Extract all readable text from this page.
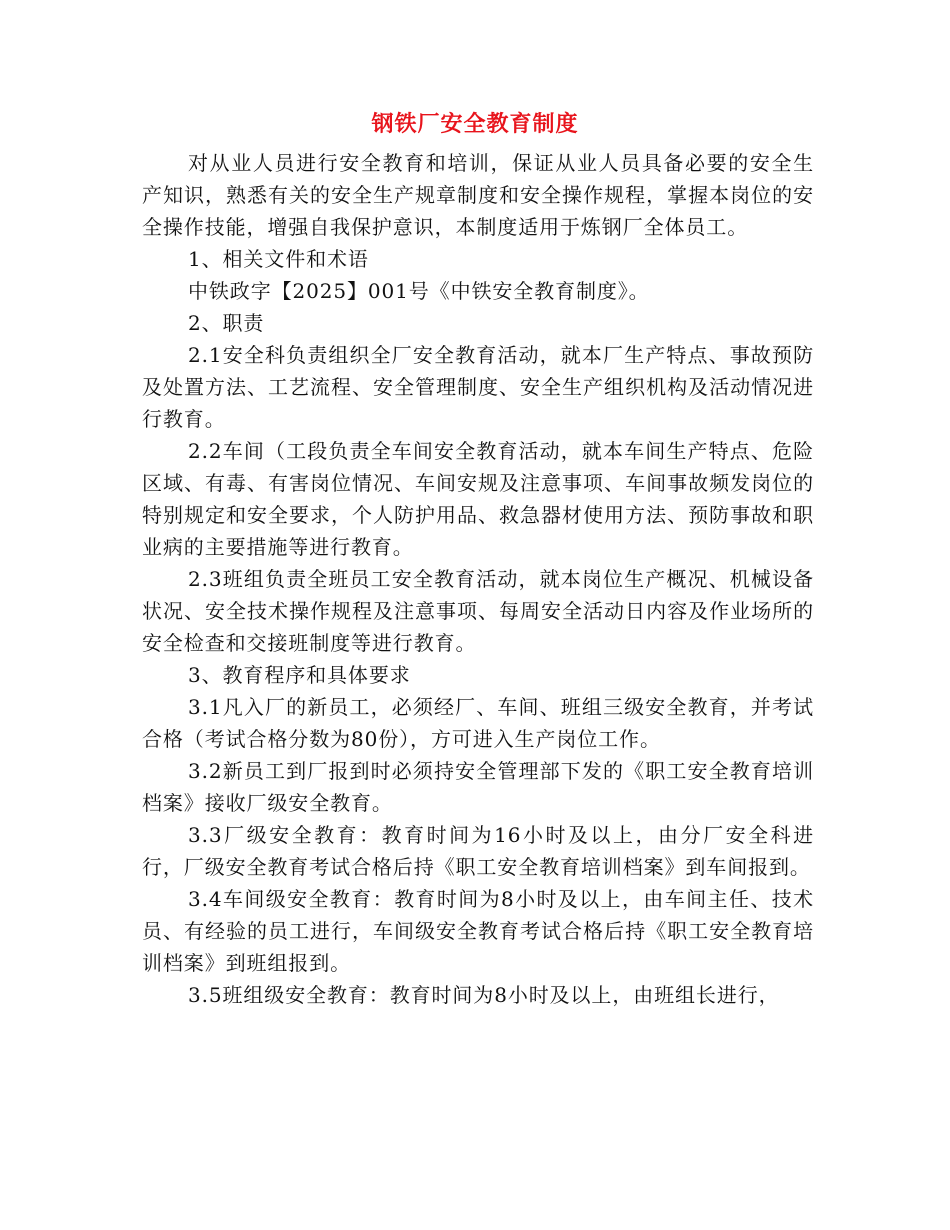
钢铁厂安全教育制度

对从业人员进行安全教育和培训，保证从业人员具备必要的安全生产知识，熟悉有关的安全生产规章制度和安全操作规程，掌握本岗位的安全操作技能，增强自我保护意识，本制度适用于炼钢厂全体员工。

1、相关文件和术语

中铁政字【2025】001号《中铁安全教育制度》。

2、职责

2.1安全科负责组织全厂安全教育活动，就本厂生产特点、事故预防及处置方法、工艺流程、安全管理制度、安全生产组织机构及活动情况进行教育。

2.2车间（工段负责全车间安全教育活动，就本车间生产特点、危险区域、有毒、有害岗位情况、车间安规及注意事项、车间事故频发岗位的特别规定和安全要求，个人防护用品、救急器材使用方法、预防事故和职业病的主要措施等进行教育。

2.3班组负责全班员工安全教育活动，就本岗位生产概况、机械设备状况、安全技术操作规程及注意事项、每周安全活动日内容及作业场所的安全检查和交接班制度等进行教育。

3、教育程序和具体要求

3.1凡入厂的新员工，必须经厂、车间、班组三级安全教育，并考试合格（考试合格分数为80份），方可进入生产岗位工作。

3.2新员工到厂报到时必须持安全管理部下发的《职工安全教育培训档案》接收厂级安全教育。

3.3厂级安全教育：教育时间为16小时及以上，由分厂安全科进行，厂级安全教育考试合格后持《职工安全教育培训档案》到车间报到。

3.4车间级安全教育：教育时间为8小时及以上，由车间主任、技术员、有经验的员工进行，车间级安全教育考试合格后持《职工安全教育培训档案》到班组报到。

3.5班组级安全教育：教育时间为8小时及以上，由班组长进行，
